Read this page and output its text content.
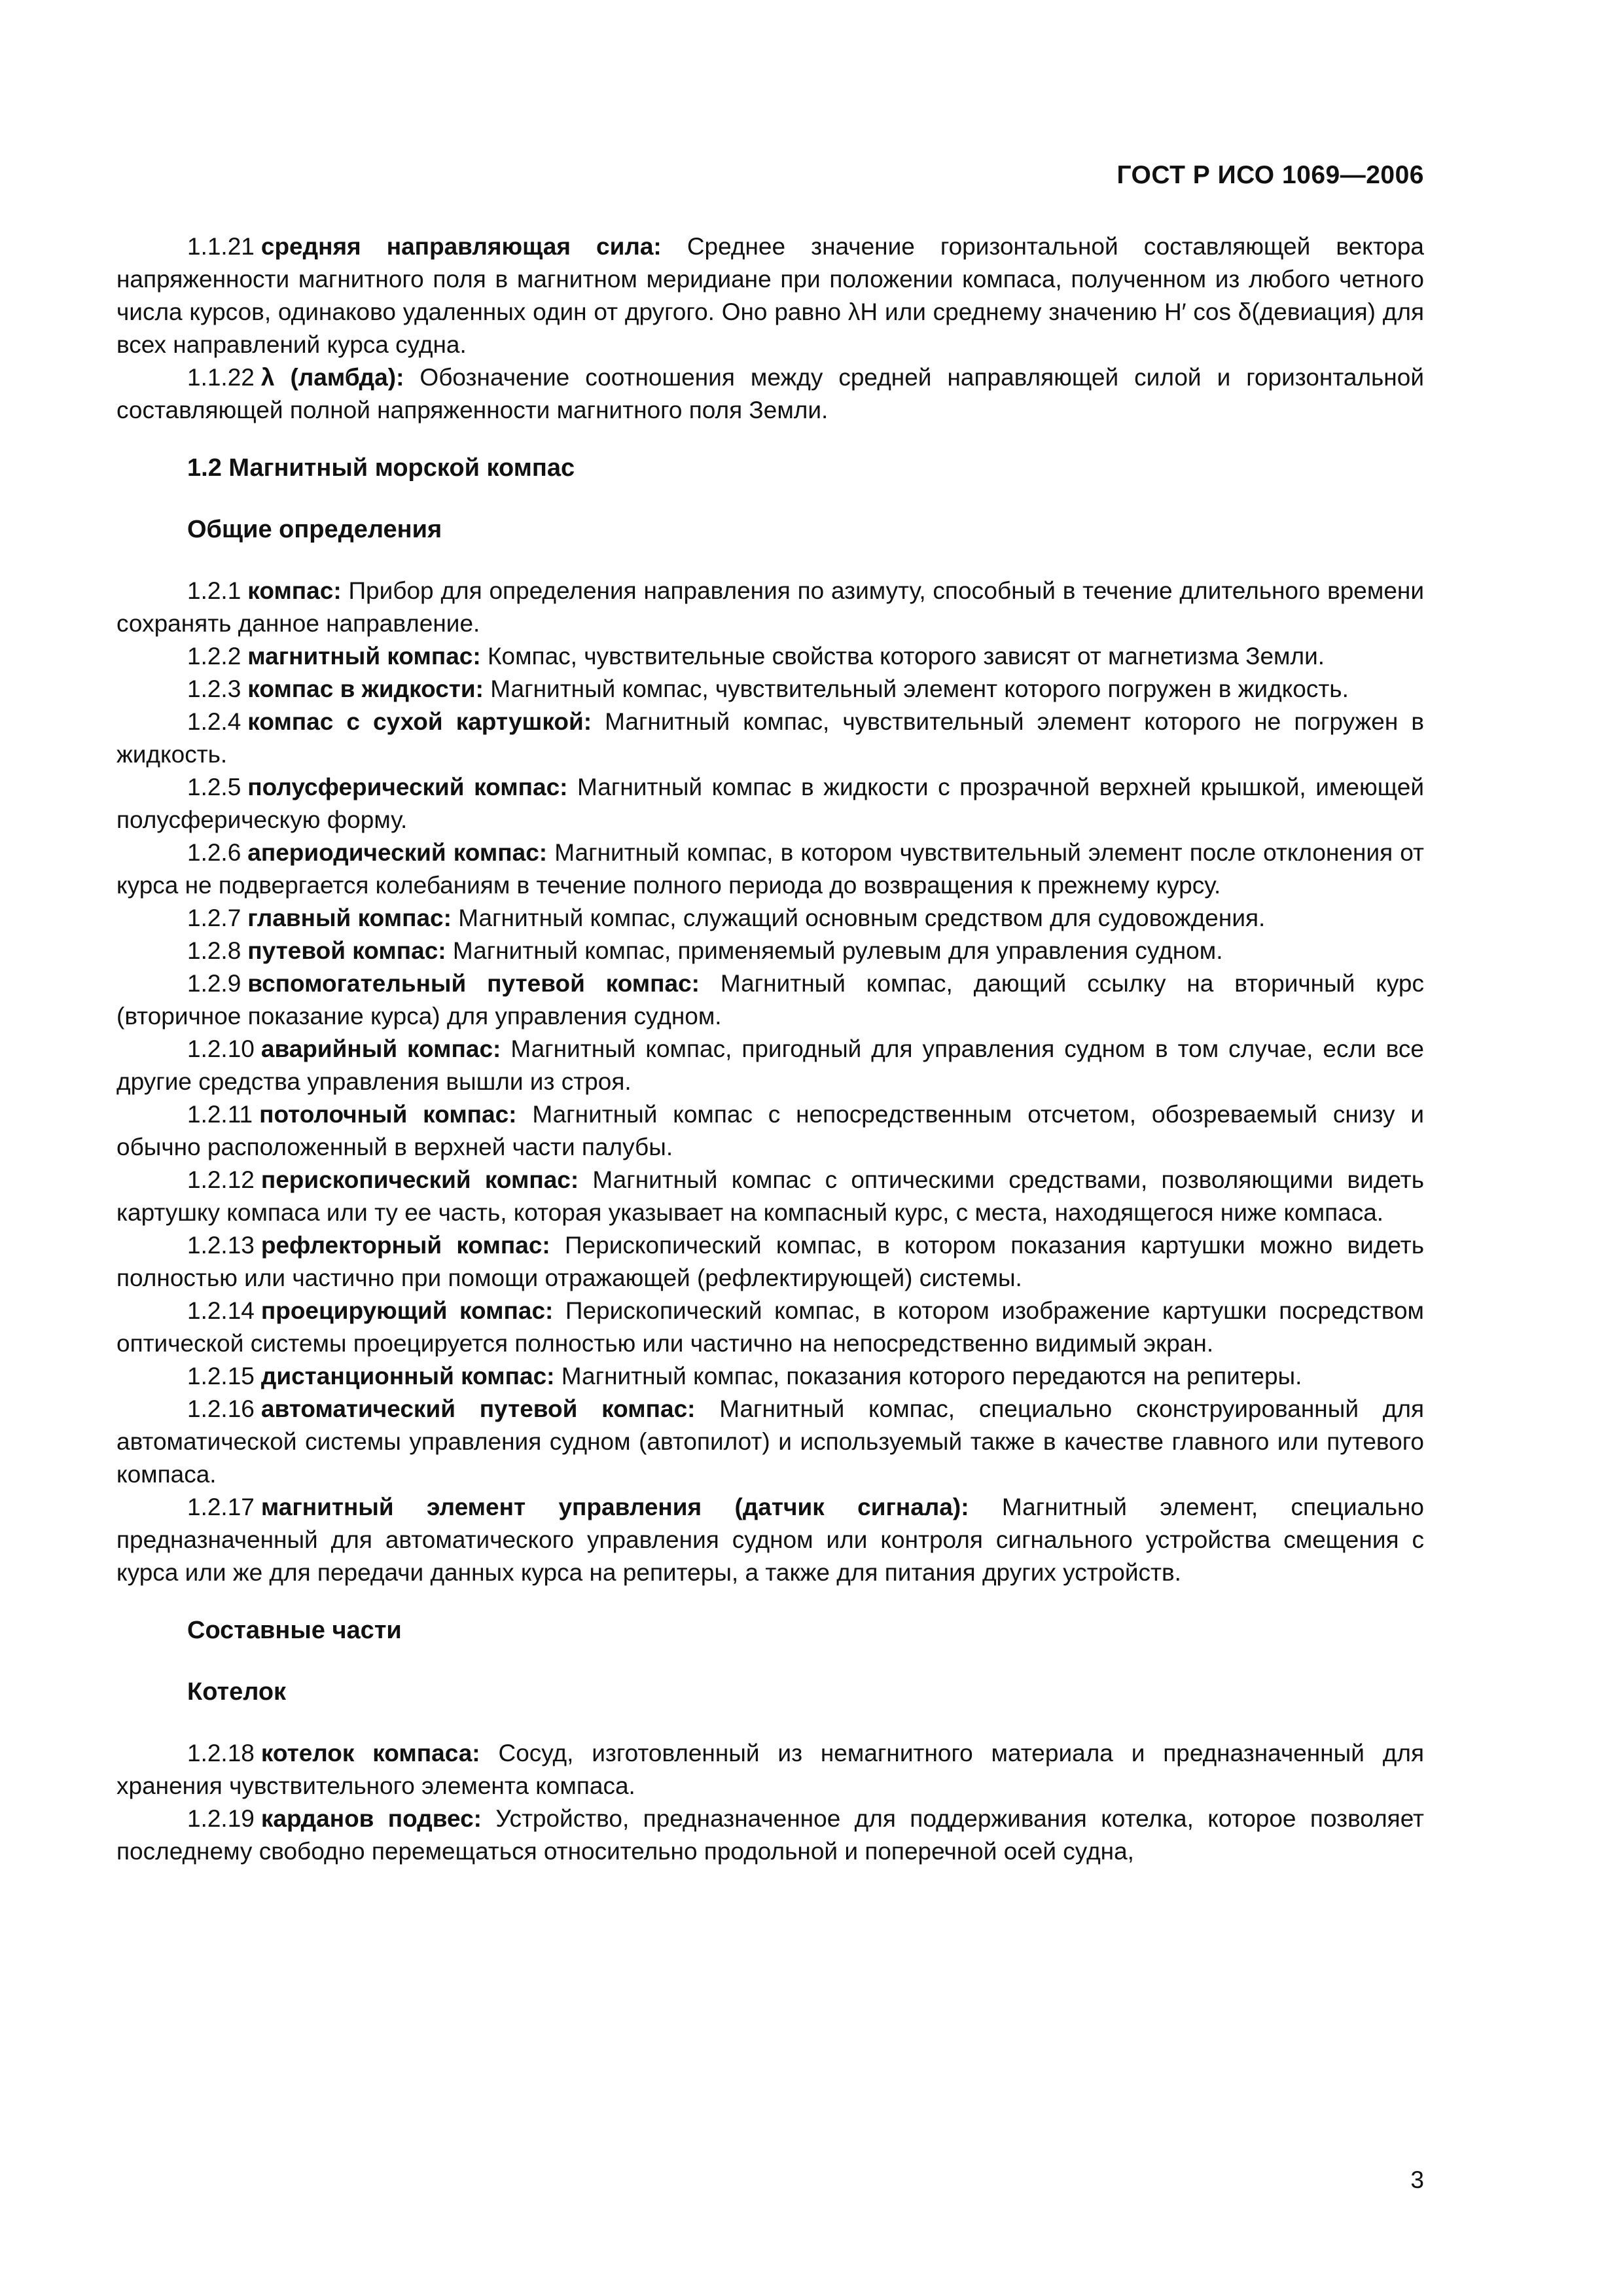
ГОСТ Р ИСО 1069—2006

1.1.21 средняя направляющая сила: Среднее значение горизонтальной составляющей вектора напряженности магнитного поля в магнитном меридиане при положении компаса, полученном из любого четного числа курсов, одинаково удаленных один от другого. Оно равно λH или среднему значению H′ cos δ(девиация) для всех направлений курса судна.

1.1.22 λ (ламбда): Обозначение соотношения между средней направляющей силой и горизонтальной составляющей полной напряженности магнитного поля Земли.

1.2 Магнитный морской компас

Общие определения

1.2.1 компас: Прибор для определения направления по азимуту, способный в течение длительного времени сохранять данное направление.

1.2.2 магнитный компас: Компас, чувствительные свойства которого зависят от магнетизма Земли.

1.2.3 компас в жидкости: Магнитный компас, чувствительный элемент которого погружен в жидкость.

1.2.4 компас с сухой картушкой: Магнитный компас, чувствительный элемент которого не погружен в жидкость.

1.2.5 полусферический компас: Магнитный компас в жидкости с прозрачной верхней крышкой, имеющей полусферическую форму.

1.2.6 апериодический компас: Магнитный компас, в котором чувствительный элемент после отклонения от курса не подвергается колебаниям в течение полного периода до возвращения к прежнему курсу.

1.2.7 главный компас: Магнитный компас, служащий основным средством для судовождения.

1.2.8 путевой компас: Магнитный компас, применяемый рулевым для управления судном.

1.2.9 вспомогательный путевой компас: Магнитный компас, дающий ссылку на вторичный курс (вторичное показание курса) для управления судном.

1.2.10 аварийный компас: Магнитный компас, пригодный для управления судном в том случае, если все другие средства управления вышли из строя.

1.2.11 потолочный компас: Магнитный компас с непосредственным отсчетом, обозреваемый снизу и обычно расположенный в верхней части палубы.

1.2.12 перископический компас: Магнитный компас с оптическими средствами, позволяющими видеть картушку компаса или ту ее часть, которая указывает на компасный курс, с места, находящегося ниже компаса.

1.2.13 рефлекторный компас: Перископический компас, в котором показания картушки можно видеть полностью или частично при помощи отражающей (рефлектирующей) системы.

1.2.14 проецирующий компас: Перископический компас, в котором изображение картушки посредством оптической системы проецируется полностью или частично на непосредственно видимый экран.

1.2.15 дистанционный компас: Магнитный компас, показания которого передаются на репитеры.

1.2.16 автоматический путевой компас: Магнитный компас, специально сконструированный для автоматической системы управления судном (автопилот) и используемый также в качестве главного или путевого компаса.

1.2.17 магнитный элемент управления (датчик сигнала): Магнитный элемент, специально предназначенный для автоматического управления судном или контроля сигнального устройства смещения с курса или же для передачи данных курса на репитеры, а также для питания других устройств.

Составные части

Котелок

1.2.18 котелок компаса: Сосуд, изготовленный из немагнитного материала и предназначенный для хранения чувствительного элемента компаса.

1.2.19 карданов подвес: Устройство, предназначенное для поддерживания котелка, которое позволяет последнему свободно перемещаться относительно продольной и поперечной осей судна,

3
